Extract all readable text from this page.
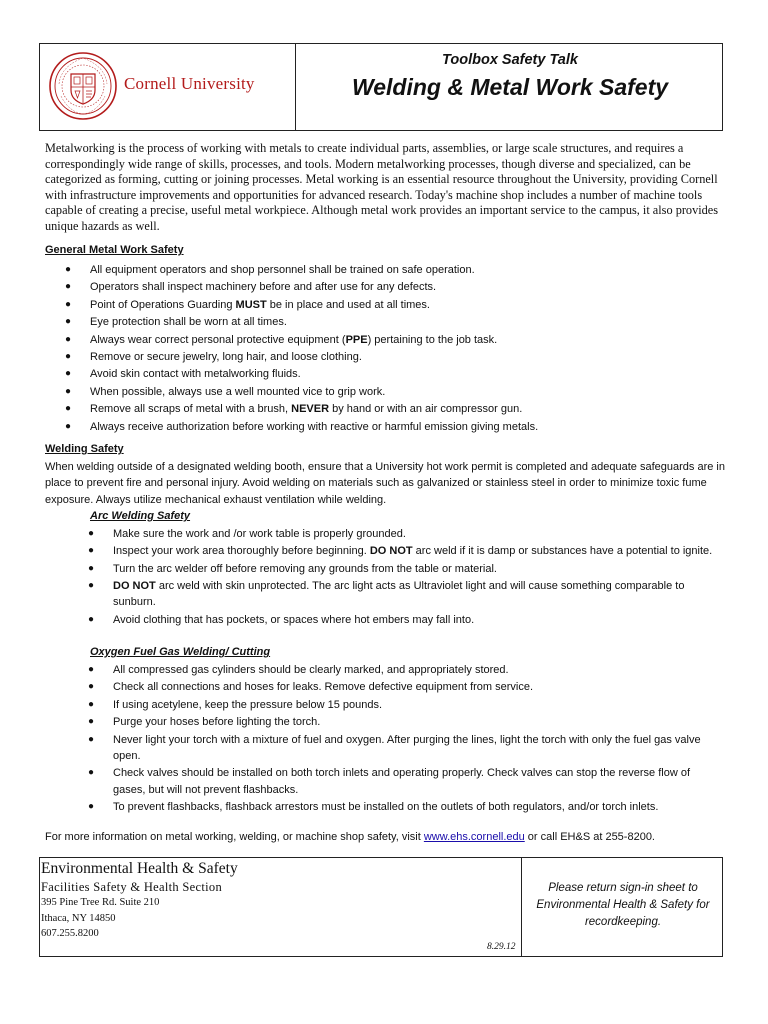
Cornell University
Toolbox Safety Talk
Welding & Metal Work Safety
Metalworking is the process of working with metals to create individual parts, assemblies, or large scale structures, and requires a correspondingly wide range of skills, processes, and tools. Modern metalworking processes, though diverse and specialized, can be categorized as forming, cutting or joining processes. Metal working is an essential resource throughout the University, providing Cornell with infrastructure improvements and opportunities for advanced research. Today's machine shop includes a number of machine tools capable of creating a precise, useful metal workpiece. Although metal work provides an important service to the campus, it also provides unique hazards as well.
General Metal Work Safety
● All equipment operators and shop personnel shall be trained on safe operation.
● Operators shall inspect machinery before and after use for any defects.
● Point of Operations Guarding MUST be in place and used at all times.
● Eye protection shall be worn at all times.
● Always wear correct personal protective equipment (PPE) pertaining to the job task.
● Remove or secure jewelry, long hair, and loose clothing.
● Avoid skin contact with metalworking fluids.
● When possible, always use a well mounted vice to grip work.
● Remove all scraps of metal with a brush, NEVER by hand or with an air compressor gun.
● Always receive authorization before working with reactive or harmful emission giving metals.
Welding Safety
When welding outside of a designated welding booth, ensure that a University hot work permit is completed and adequate safeguards are in place to prevent fire and personal injury. Avoid welding on materials such as galvanized or stainless steel in order to minimize toxic fume exposure. Always utilize mechanical exhaust ventilation while welding.
Arc Welding Safety
● Make sure the work and /or work table is properly grounded.
● Inspect your work area thoroughly before beginning. DO NOT arc weld if it is damp or substances have a potential to ignite.
● Turn the arc welder off before removing any grounds from the table or material.
● DO NOT arc weld with skin unprotected. The arc light acts as Ultraviolet light and will cause something comparable to sunburn.
● Avoid clothing that has pockets, or spaces where hot embers may fall into.
Oxygen Fuel Gas Welding/ Cutting
● All compressed gas cylinders should be clearly marked, and appropriately stored.
● Check all connections and hoses for leaks. Remove defective equipment from service.
● If using acetylene, keep the pressure below 15 pounds.
● Purge your hoses before lighting the torch.
● Never light your torch with a mixture of fuel and oxygen. After purging the lines, light the torch with only the fuel gas valve open.
● Check valves should be installed on both torch inlets and operating properly. Check valves can stop the reverse flow of gases, but will not prevent flashbacks.
● To prevent flashbacks, flashback arrestors must be installed on the outlets of both regulators, and/or torch inlets.
For more information on metal working, welding, or machine shop safety, visit www.ehs.cornell.edu or call EH&S at 255-8200.
Environmental Health & Safety
Facilities Safety & Health Section
395 Pine Tree Rd. Suite 210
Ithaca, NY 14850
607.255.8200
8.29.12
Please return sign-in sheet to Environmental Health & Safety for recordkeeping.
